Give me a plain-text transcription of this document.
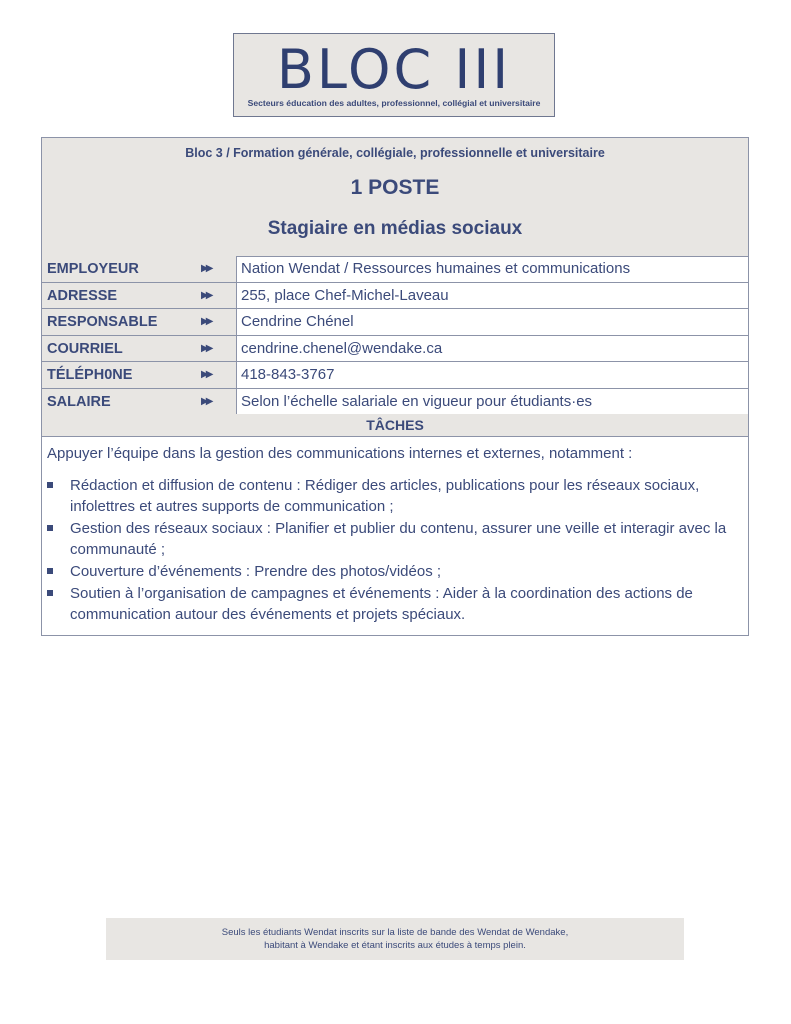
BLOC III
Secteurs éducation des adultes, professionnel, collégial et universitaire
Bloc 3 / Formation générale, collégiale, professionnelle et universitaire
1 POSTE
Stagiaire en médias sociaux
EMPLOYEUR	▶▶	Nation Wendat / Ressources humaines et communications
ADRESSE	▶▶	255, place Chef-Michel-Laveau
RESPONSABLE	▶▶	Cendrine Chénel
COURRIEL	▶▶	cendrine.chenel@wendake.ca
TÉLÉPH0NE	▶▶	418-843-3767
SALAIRE	▶▶	Selon l’échelle salariale en vigueur pour étudiants·es
TÂCHES
Appuyer l’équipe dans la gestion des communications internes et externes, notamment :
Rédaction et diffusion de contenu : Rédiger des articles, publications pour les réseaux sociaux, infolettres et autres supports de communication ;
Gestion des réseaux sociaux : Planifier et publier du contenu, assurer une veille et interagir avec la communauté ;
Couverture d’événements : Prendre des photos/vidéos ;
Soutien à l’organisation de campagnes et événements : Aider à la coordination des actions de communication autour des événements et projets spéciaux.
Seuls les étudiants Wendat inscrits sur la liste de bande des Wendat de Wendake,
habitant à Wendake et étant inscrits aux études à temps plein.
